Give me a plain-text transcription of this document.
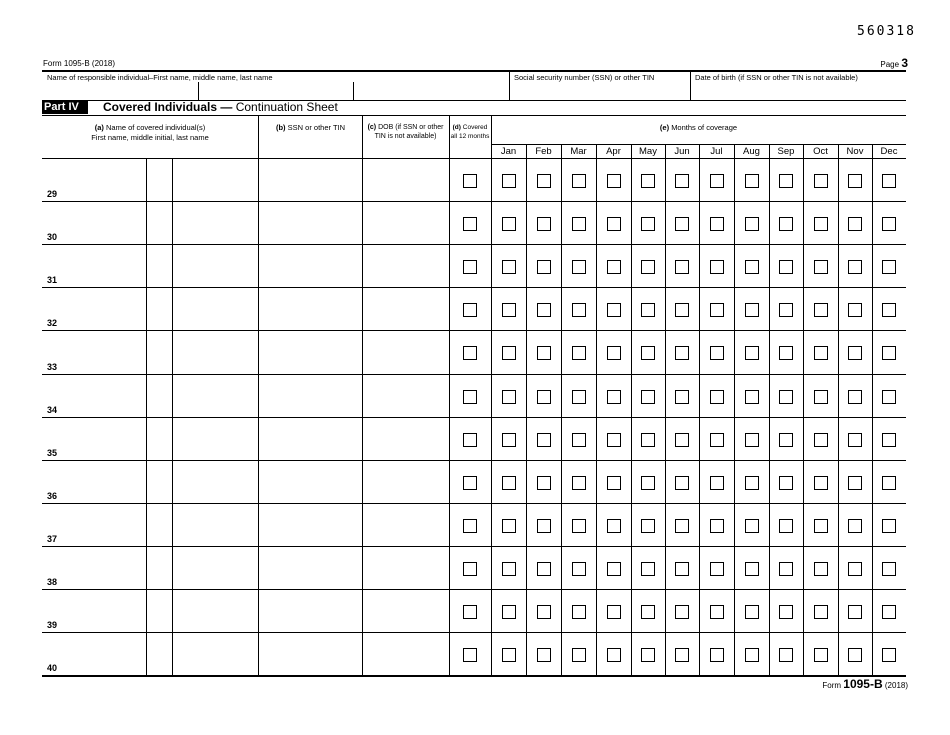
560318
Form 1095-B (2018)	Page 3
Name of responsible individual–First name, middle name, last name	Social security number (SSN) or other TIN	Date of birth (if SSN or other TIN is not available)
Part IV	Covered Individuals — Continuation Sheet
(a) Name of covered individual(s)
First name, middle initial, last name
(b) SSN or other TIN	(c) DOB (if SSN or other
TIN is not available)
(d) Covered
all 12 months
(e) Months of coverage
Jan	Feb	Mar	Apr	May	Jun	Jul	Aug	Sep	Oct	Nov	Dec
29
30
31
32
33
34
35
36
37
38
39
40
Form 1095-B (2018)
